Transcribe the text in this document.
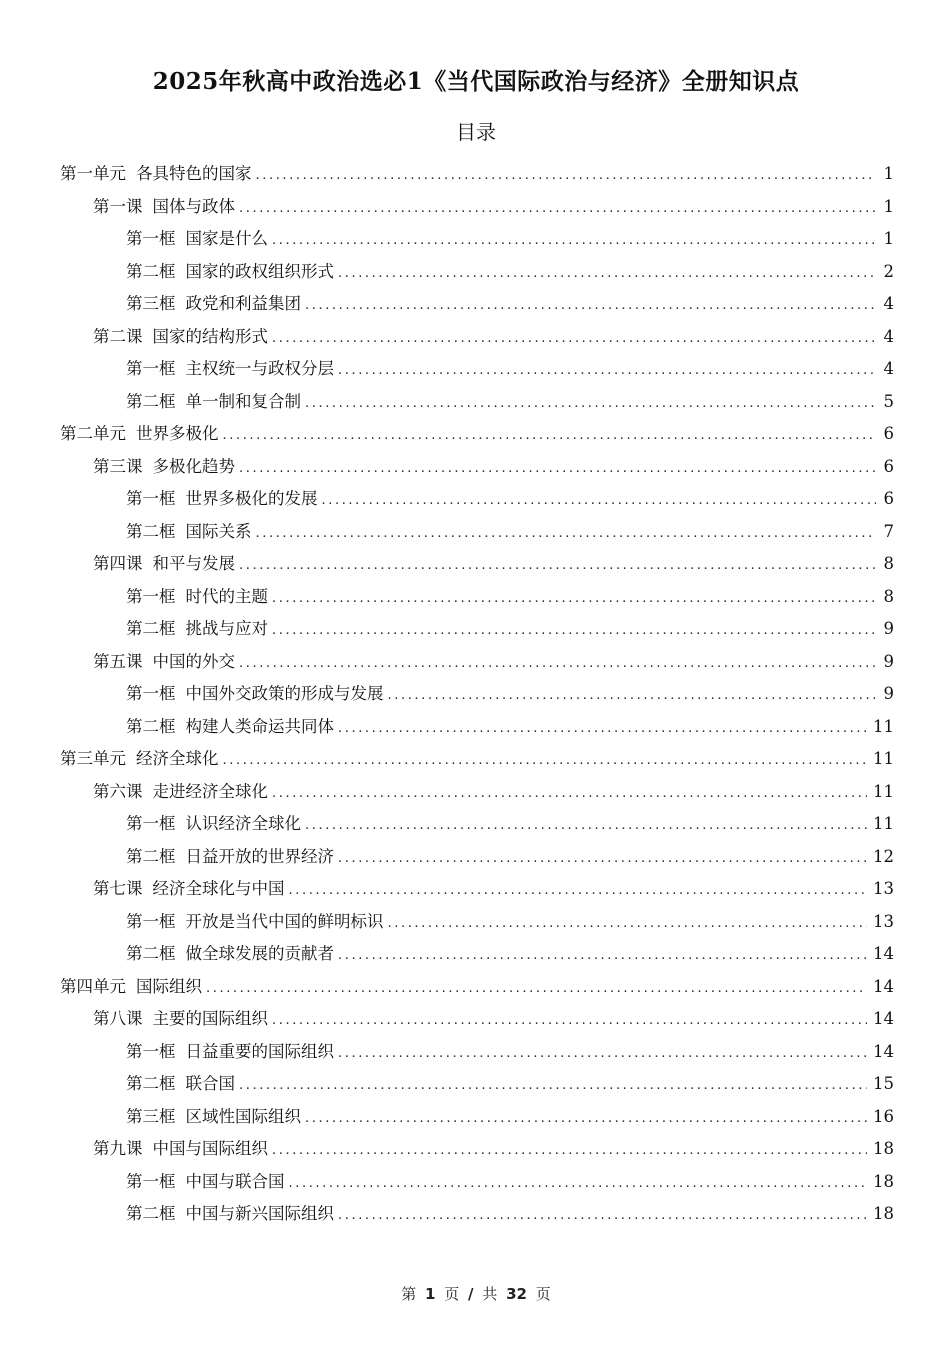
2025年秋高中政治选必1《当代国际政治与经济》全册知识点
目录
第一单元 各具特色的国家 .....	1
第一课 国体与政体 .....	1
第一框 国家是什么 .....	1
第二框 国家的政权组织形式 .....	2
第三框 政党和利益集团 .....	4
第二课 国家的结构形式 .....	4
第一框 主权统一与政权分层 .....	4
第二框 单一制和复合制 .....	5
第二单元 世界多极化 .....	6
第三课 多极化趋势 .....	6
第一框 世界多极化的发展 .....	6
第二框 国际关系 .....	7
第四课 和平与发展 .....	8
第一框 时代的主题 .....	8
第二框 挑战与应对 .....	9
第五课 中国的外交 .....	9
第一框 中国外交政策的形成与发展 .....	9
第二框 构建人类命运共同体 .....	11
第三单元 经济全球化 .....	11
第六课 走进经济全球化 .....	11
第一框 认识经济全球化 .....	11
第二框 日益开放的世界经济 .....	12
第七课 经济全球化与中国 .....	13
第一框 开放是当代中国的鲜明标识 .....	13
第二框 做全球发展的贡献者 .....	14
第四单元 国际组织 .....	14
第八课 主要的国际组织 .....	14
第一框 日益重要的国际组织 .....	14
第二框 联合国 .....	15
第三框 区域性国际组织 .....	16
第九课 中国与国际组织 .....	18
第一框 中国与联合国 .....	18
第二框 中国与新兴国际组织 .....	18
第 1 页 / 共 32 页
